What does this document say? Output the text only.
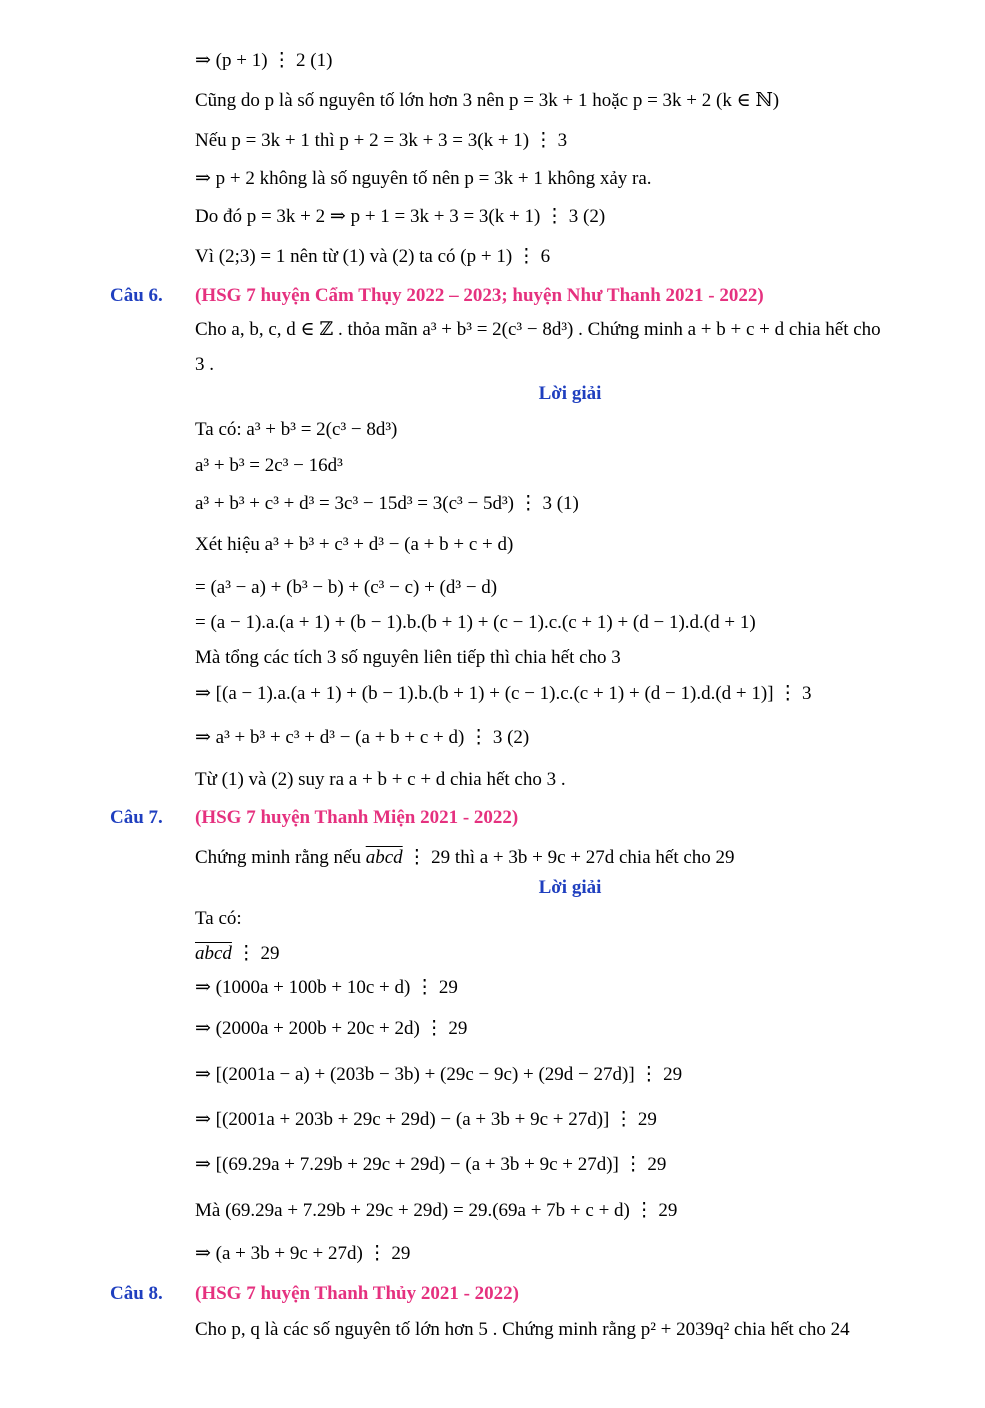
⇒ (p + 1) ⋮ 2 (1)
Cũng do p là số nguyên tố lớn hơn 3 nên p = 3k + 1 hoặc p = 3k + 2 (k ∈ ℕ)
Nếu p = 3k + 1 thì p + 2 = 3k + 3 = 3(k + 1) ⋮ 3
⇒ p + 2 không là số nguyên tố nên p = 3k + 1 không xảy ra.
Do đó p = 3k + 2 ⇒ p + 1 = 3k + 3 = 3(k + 1) ⋮ 3 (2)
Vì (2;3) = 1 nên từ (1) và (2) ta có (p + 1) ⋮ 6
Câu 6. (HSG 7 huyện Cẩm Thụy 2022 – 2023; huyện Như Thanh 2021 - 2022)
Cho a, b, c, d ∈ ℤ . thỏa mãn a³ + b³ = 2(c³ − 8d³) . Chứng minh a + b + c + d chia hết cho
3 .
Lời giải
Ta có: a³ + b³ = 2(c³ − 8d³)
a³ + b³ = 2c³ − 16d³
a³ + b³ + c³ + d³ = 3c³ − 15d³ = 3(c³ − 5d³) ⋮ 3 (1)
Xét hiệu a³ + b³ + c³ + d³ − (a + b + c + d)
= (a³ − a) + (b³ − b) + (c³ − c) + (d³ − d)
= (a − 1).a.(a + 1) + (b − 1).b.(b + 1) + (c − 1).c.(c + 1) + (d − 1).d.(d + 1)
Mà tổng các tích 3 số nguyên liên tiếp thì chia hết cho 3
⇒ [(a − 1).a.(a + 1) + (b − 1).b.(b + 1) + (c − 1).c.(c + 1) + (d − 1).d.(d + 1)] ⋮ 3
⇒ a³ + b³ + c³ + d³ − (a + b + c + d) ⋮ 3 (2)
Từ (1) và (2) suy ra a + b + c + d chia hết cho 3 .
Câu 7. (HSG 7 huyện Thanh Miện 2021 - 2022)
Chứng minh rằng nếu abcd ⋮ 29 thì a + 3b + 9c + 27d chia hết cho 29
Lời giải
Ta có:
abcd ⋮ 29
⇒ (1000a + 100b + 10c + d) ⋮ 29
⇒ (2000a + 200b + 20c + 2d) ⋮ 29
⇒ [(2001a − a) + (203b − 3b) + (29c − 9c) + (29d − 27d)] ⋮ 29
⇒ [(2001a + 203b + 29c + 29d) − (a + 3b + 9c + 27d)] ⋮ 29
⇒ [(69.29a + 7.29b + 29c + 29d) − (a + 3b + 9c + 27d)] ⋮ 29
Mà (69.29a + 7.29b + 29c + 29d) = 29.(69a + 7b + c + d) ⋮ 29
⇒ (a + 3b + 9c + 27d) ⋮ 29
Câu 8. (HSG 7 huyện Thanh Thủy 2021 - 2022)
Cho p, q là các số nguyên tố lớn hơn 5 . Chứng minh rằng p² + 2039q² chia hết cho 24
